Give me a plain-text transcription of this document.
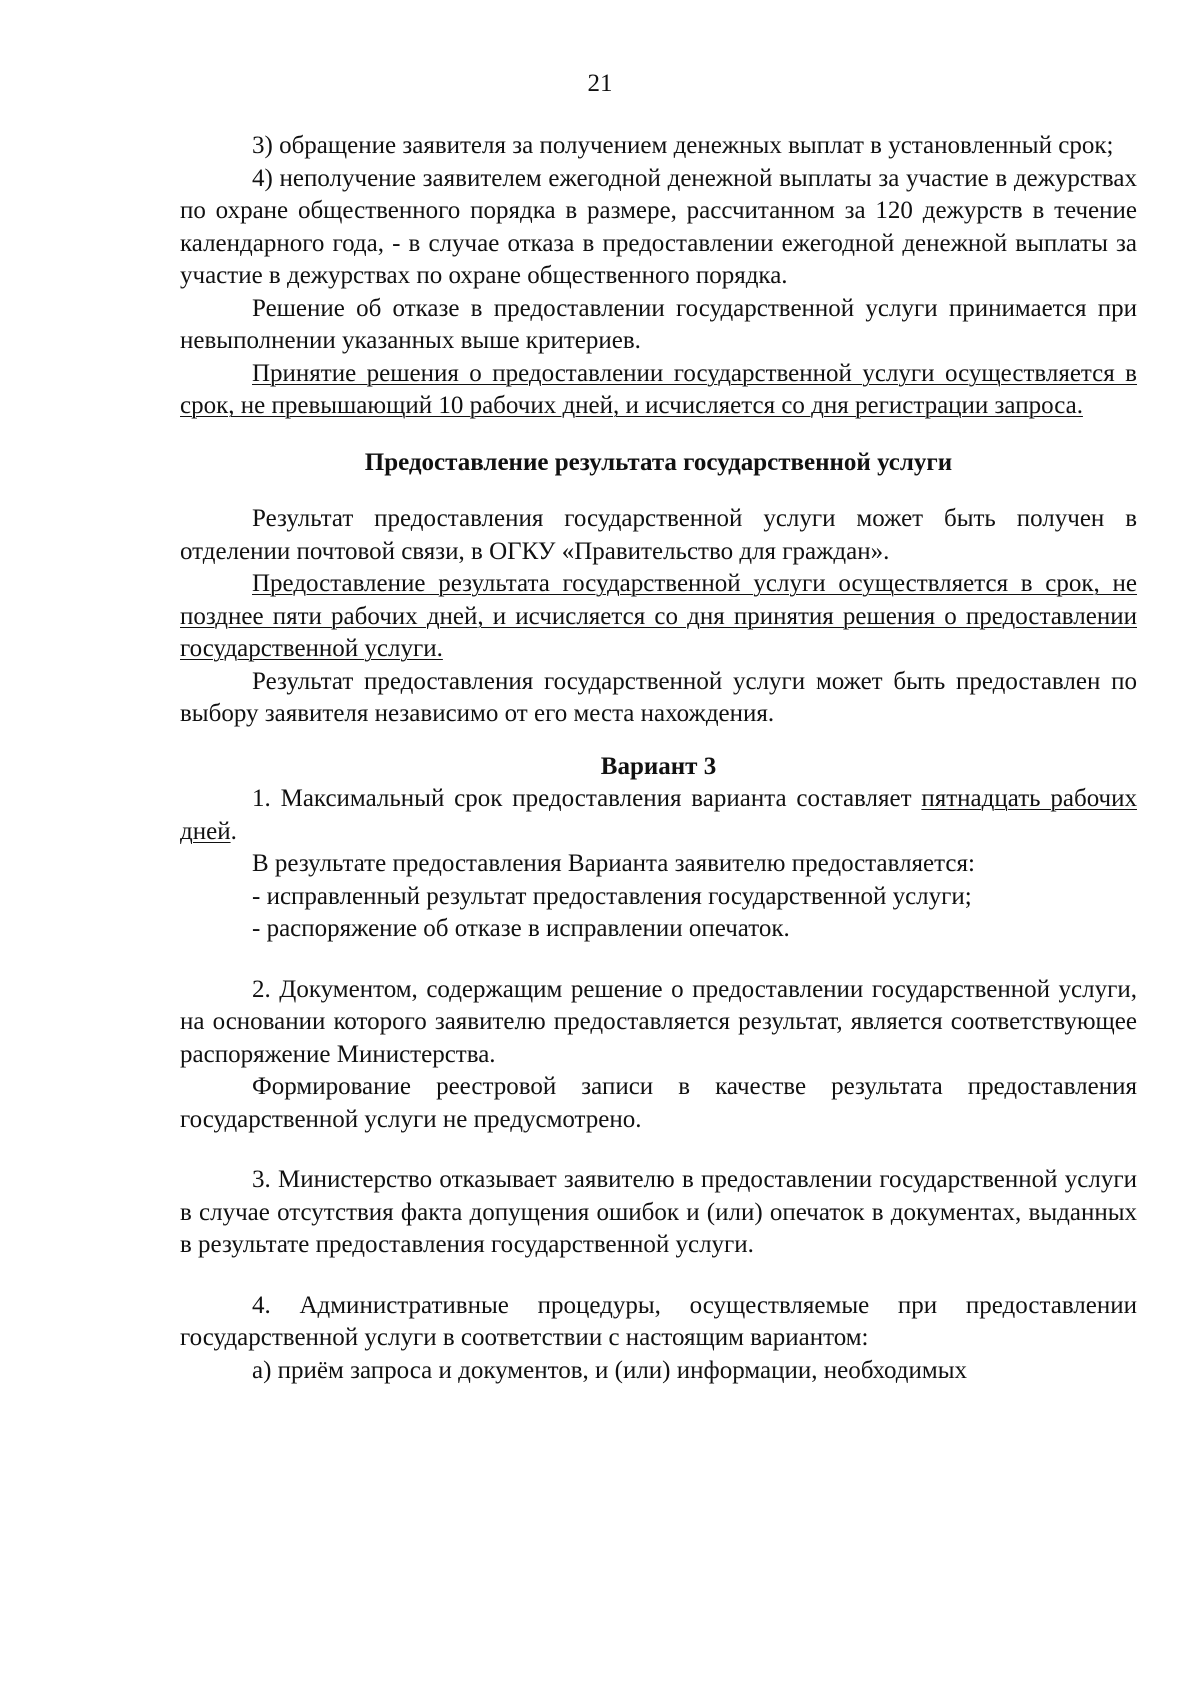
21

3) обращение заявителя за получением денежных выплат в установленный срок;

4) неполучение заявителем ежегодной денежной выплаты за участие в дежурствах по охране общественного порядка в размере, рассчитанном за 120 дежурств в течение календарного года, - в случае отказа в предоставлении ежегодной денежной выплаты за участие в дежурствах по охране общественного порядка.

Решение об отказе в предоставлении государственной услуги принимается при невыполнении указанных выше критериев.

Принятие решения о предоставлении государственной услуги осуществляется в срок, не превышающий 10 рабочих дней, и исчисляется со дня регистрации запроса.

Предоставление результата государственной услуги

Результат предоставления государственной услуги может быть получен в отделении почтовой связи, в ОГКУ «Правительство для граждан».

Предоставление результата государственной услуги осуществляется в срок, не позднее пяти рабочих дней, и исчисляется со дня принятия решения о предоставлении государственной услуги.

Результат предоставления государственной услуги может быть предоставлен по выбору заявителя независимо от его места нахождения.

Вариант 3

1. Максимальный срок предоставления варианта составляет пятнадцать рабочих дней.

В результате предоставления Варианта заявителю предоставляется:

- исправленный результат предоставления государственной услуги;

- распоряжение об отказе в исправлении опечаток.

2. Документом, содержащим решение о предоставлении государственной услуги, на основании которого заявителю предоставляется результат, является соответствующее распоряжение Министерства.

Формирование реестровой записи в качестве результата предоставления государственной услуги не предусмотрено.

3. Министерство отказывает заявителю в предоставлении государственной услуги в случае отсутствия факта допущения ошибок и (или) опечаток в документах, выданных в результате предоставления государственной услуги.

4. Административные процедуры, осуществляемые при предоставлении государственной услуги в соответствии с настоящим вариантом:

а) приём запроса и документов, и (или) информации, необходимых
